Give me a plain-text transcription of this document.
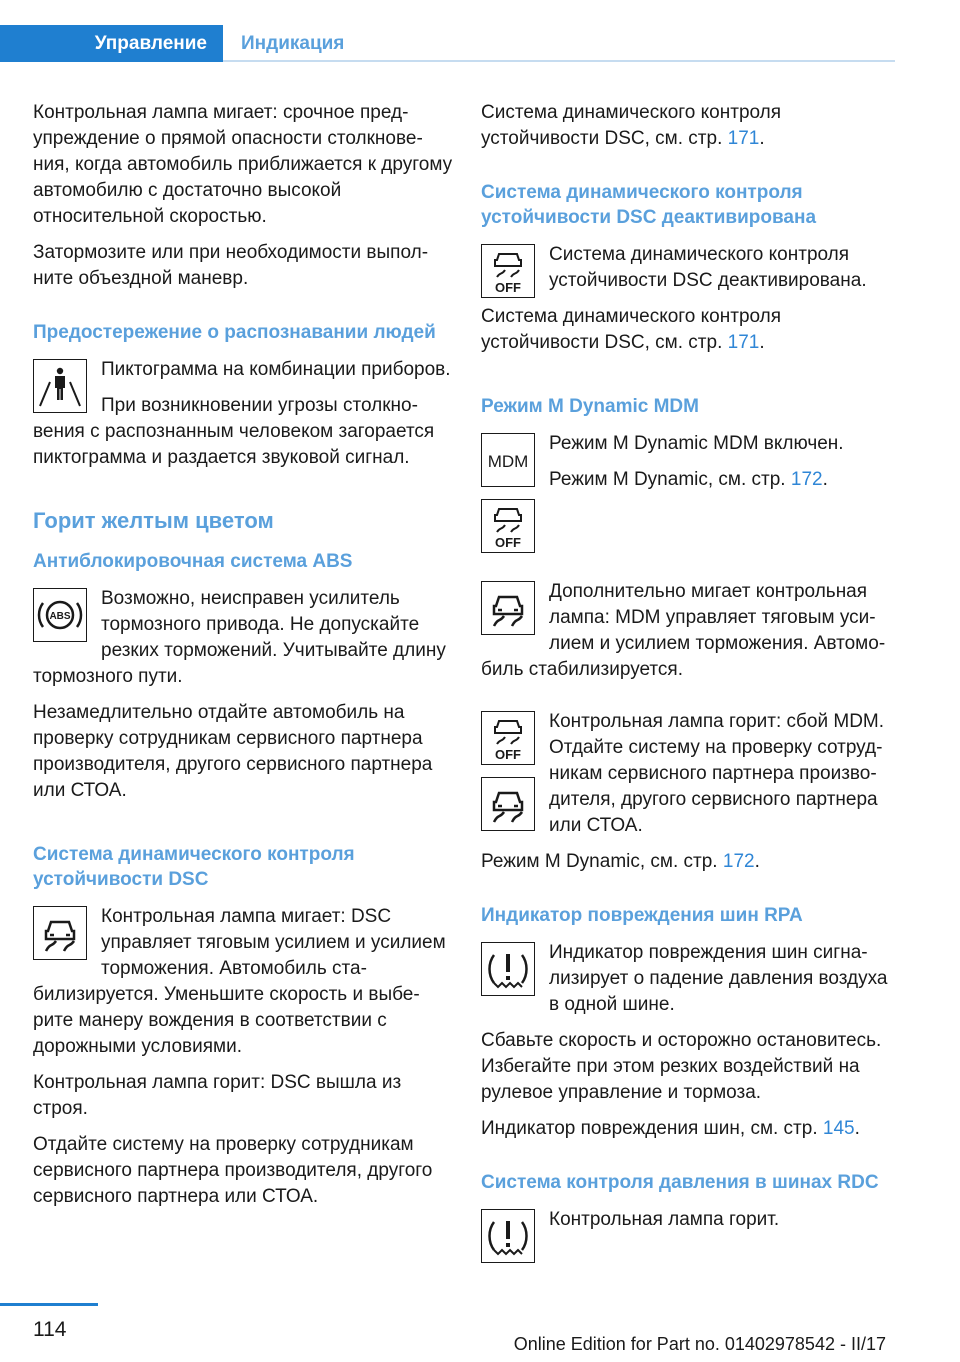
Управление	Индикация

Контрольная лампа мигает: срочное предупреждение о прямой опасности столкновения, когда автомобиль приближается к другому автомобилю с достаточно высокой относительной скоростью.

Затормозите или при необходимости выполните объездной маневр.

Предостережение о распознавании людей

Пиктограмма на комбинации приборов.

При возникновении угрозы столкновения с распознанным человеком загорается пиктограмма и раздается звуковой сигнал.

Горит желтым цветом
Антиблокировочная система ABS
ABS

Возможно, неисправен усилитель тормозного привода. Не допускайте резких торможений. Учитывайте длину тормозного пути.

Незамедлительно отдайте автомобиль на проверку сотрудникам сервисного партнера производителя, другого сервисного партнера или СТОА.

Система динамического контроля устойчивости DSC

Контрольная лампа мигает: DSC управляет тяговым усилием и усилием торможения. Автомобиль стабилизируется. Уменьшите скорость и выберите манеру вождения в соответствии с дорожными условиями.

Контрольная лампа горит: DSC вышла из строя.

Отдайте систему на проверку сотрудникам сервисного партнера производителя, другого сервисного партнера или СТОА.

Система динамического контроля устойчивости DSC, см. стр. 171.

Система динамического контроля устойчивости DSC деактивирована
OFF

Система динамического контроля устойчивости DSC деактивирована.

Система динамического контроля устойчивости DSC, см. стр. 171.

Режим M Dynamic MDM
MDM
OFF

Режим M Dynamic MDM включен.

Режим M Dynamic, см. стр. 172.

Дополнительно мигает контрольная лампа: MDM управляет тяговым усилием и усилием торможения. Автомобиль стабилизируется.

OFF

Контрольная лампа горит: сбой MDM. Отдайте систему на проверку сотрудникам сервисного партнера производителя, другого сервисного партнера или СТОА.

Режим M Dynamic, см. стр. 172.

Индикатор повреждения шин RPA

Индикатор повреждения шин сигнализирует о падение давления воздуха в одной шине.

Сбавьте скорость и осторожно остановитесь. Избегайте при этом резких воздействий на рулевое управление и тормоза.

Индикатор повреждения шин, см. стр. 145.

Система контроля давления в шинах RDC

Контрольная лампа горит.

114
Online Edition for Part no. 01402978542 - II/17
